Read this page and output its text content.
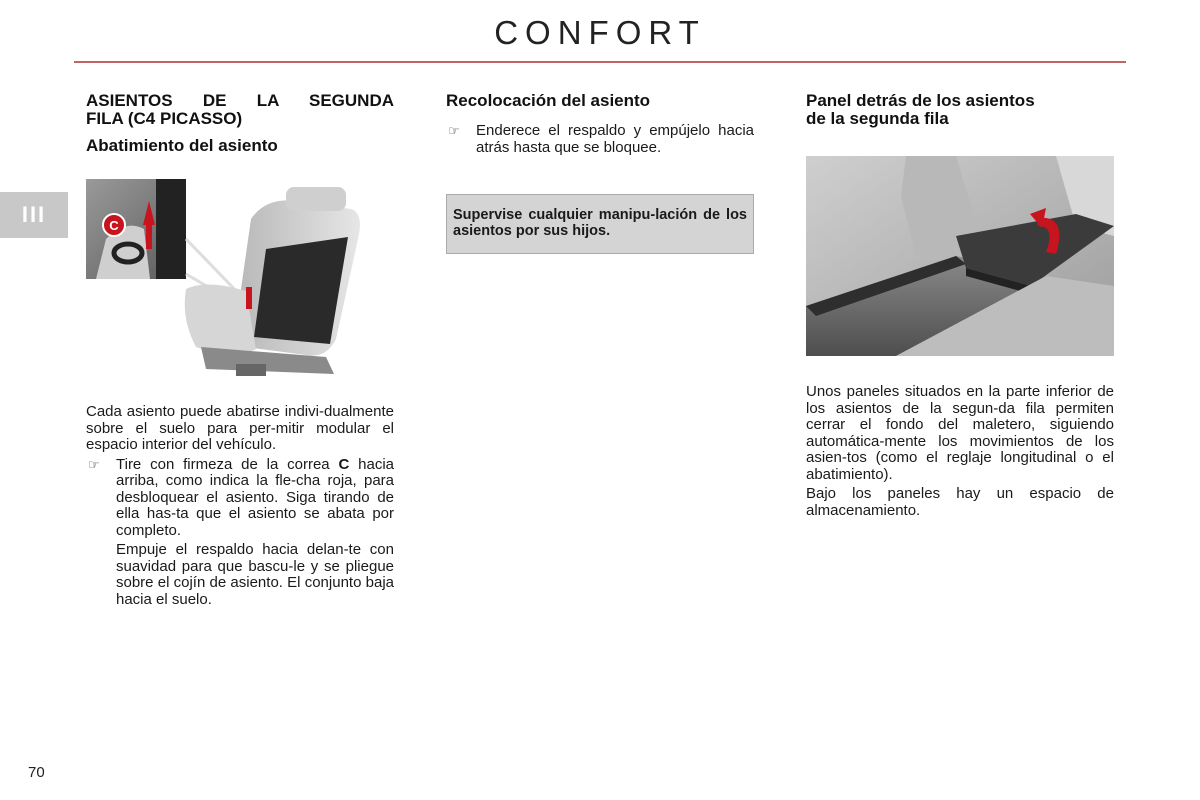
CONFORT
III
70
ASIENTOS DE LA SEGUNDA
FILA (C4 PICASSO)
Abatimiento del asiento
C

Cada asiento puede abatirse indivi-dualmente sobre el suelo para per-mitir modular el espacio interior del vehículo.

☞ Tire con firmeza de la correa C hacia arriba, como indica la fle-cha roja, para desbloquear el asiento. Siga tirando de ella has-ta que el asiento se abata por completo.

Empuje el respaldo hacia delan-te con suavidad para que bascu-le y se pliegue sobre el cojín de asiento. El conjunto baja hacia el suelo.

Recolocación del asiento
☞ Enderece el respaldo y empújelo hacia atrás hasta que se bloquee.

Supervise cualquier manipu-lación de los asientos por sus hijos.
Panel detrás de los asientos
de la segunda fila

Unos paneles situados en la parte inferior de los asientos de la segun-da fila permiten cerrar el fondo del maletero, siguiendo automática-mente los movimientos de los asien-tos (como el reglaje longitudinal o el abatimiento).

Bajo los paneles hay un espacio de almacenamiento.
